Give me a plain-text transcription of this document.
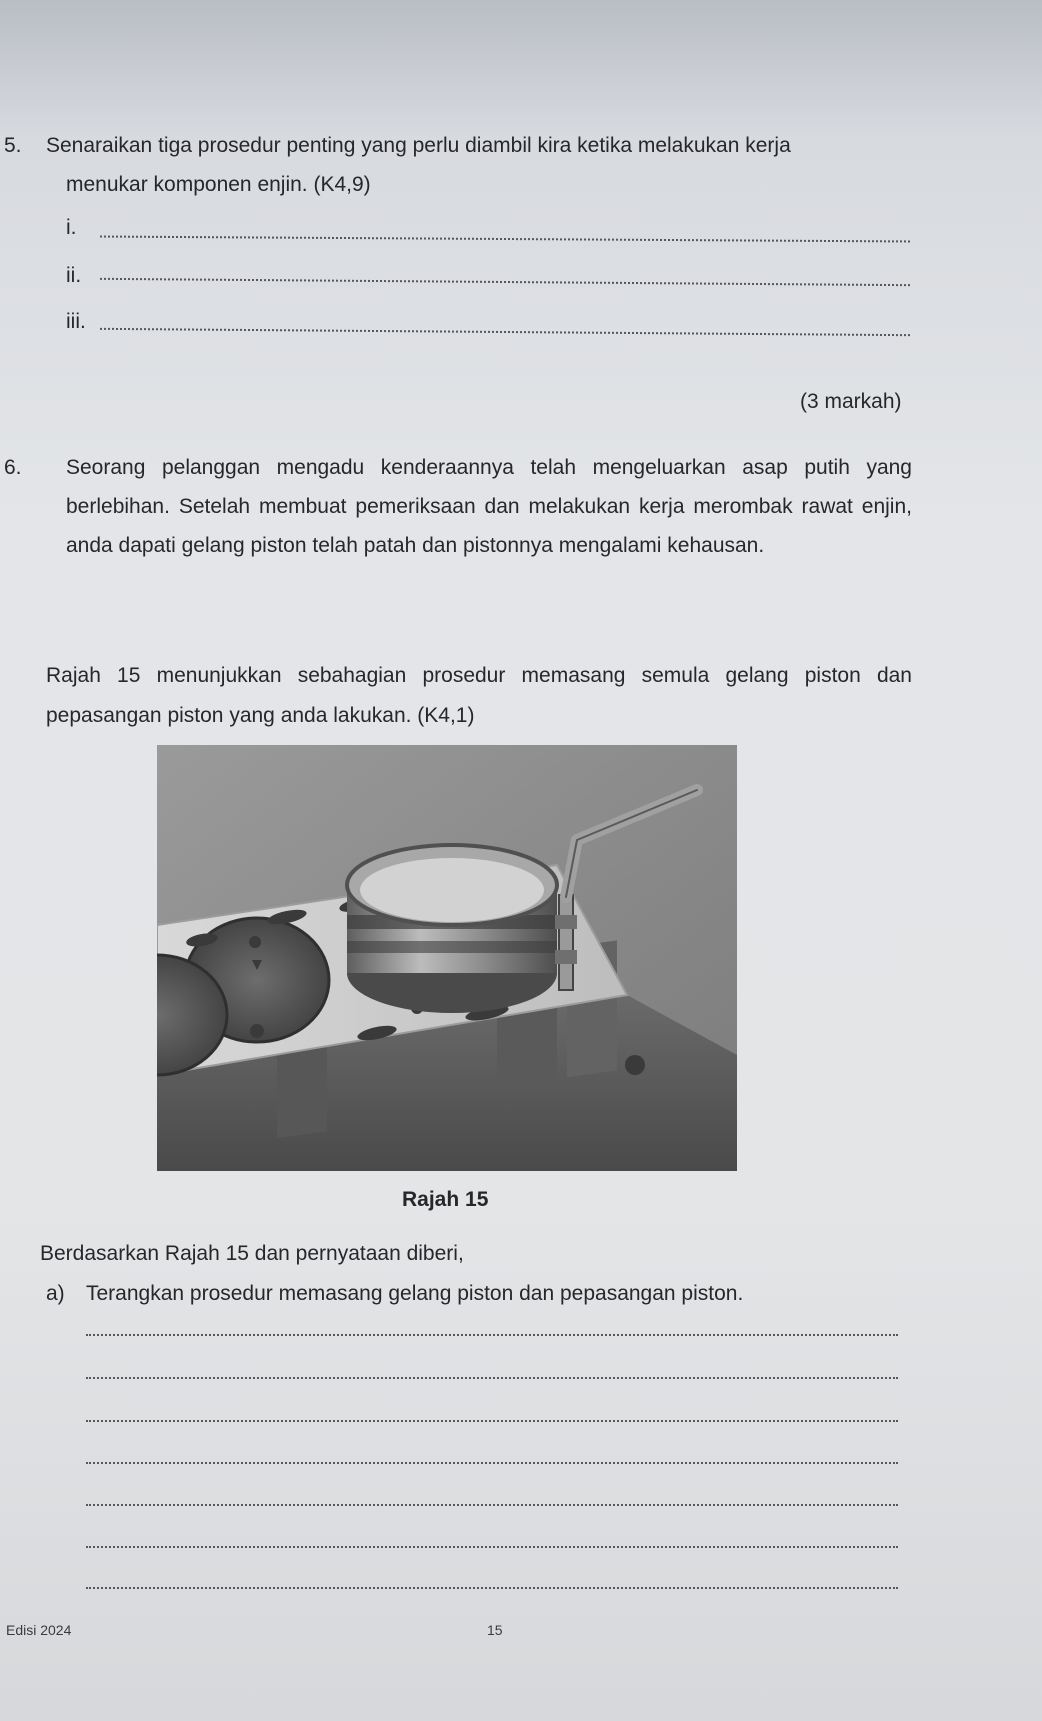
5. Senaraikan tiga prosedur penting yang perlu diambil kira ketika melakukan kerja
menukar komponen enjin. (K4,9)
i.
ii.
iii.
(3 markah)
6. Seorang pelanggan mengadu kenderaannya telah mengeluarkan asap putih yang berlebihan. Setelah membuat pemeriksaan dan melakukan kerja merombak rawat enjin, anda dapati gelang piston telah patah dan pistonnya mengalami kehausan.
Rajah 15 menunjukkan sebahagian prosedur memasang semula gelang piston dan pepasangan piston yang anda lakukan. (K4,1)
Rajah 15
Berdasarkan Rajah 15 dan pernyataan diberi,
a) Terangkan prosedur memasang gelang piston dan pepasangan piston.
Edisi 2024	15
